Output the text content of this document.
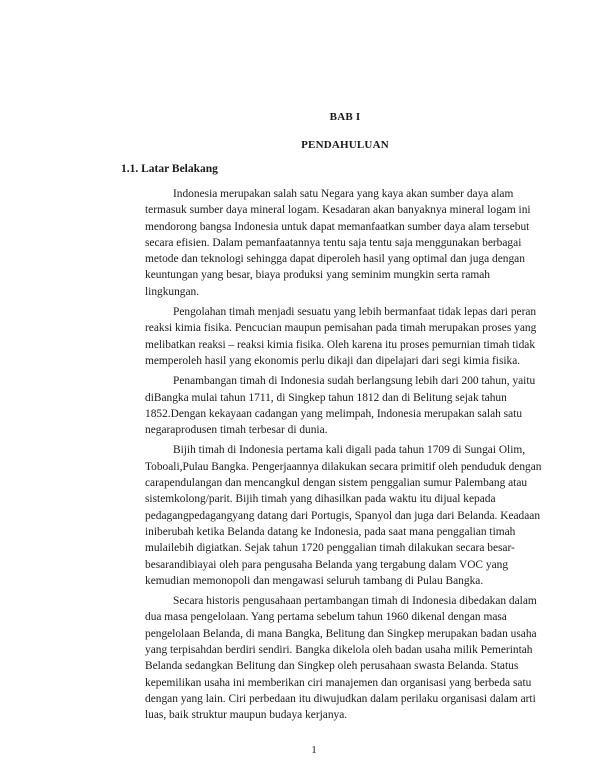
BAB I
PENDAHULUAN
1.1. Latar Belakang
Indonesia merupakan salah satu Negara yang kaya akan sumber daya alam
termasuk sumber daya mineral logam. Kesadaran akan banyaknya mineral logam ini
mendorong bangsa Indonesia untuk dapat memanfaatkan sumber daya alam tersebut
secara efisien. Dalam pemanfaatannya tentu saja tentu saja menggunakan berbagai
metode dan teknologi sehingga dapat diperoleh hasil yang optimal dan juga dengan
keuntungan yang besar, biaya produksi yang seminim mungkin serta ramah
lingkungan.
Pengolahan timah menjadi sesuatu yang lebih bermanfaat tidak lepas dari peran
reaksi kimia fisika. Pencucian maupun pemisahan pada timah merupakan proses yang
melibatkan reaksi – reaksi kimia fisika. Oleh karena itu proses pemurnian timah tidak
memperoleh hasil yang ekonomis perlu dikaji dan dipelajari dari segi kimia fisika.
Penambangan timah di Indonesia sudah berlangsung lebih dari 200 tahun, yaitu
diBangka mulai tahun 1711, di Singkep tahun 1812 dan di Belitung sejak tahun
1852.Dengan kekayaan cadangan yang melimpah, Indonesia merupakan salah satu
negaraprodusen timah terbesar di dunia.
Bijih timah di Indonesia pertama kali digali pada tahun 1709 di Sungai Olim,
Toboali,Pulau Bangka. Pengerjaannya dilakukan secara primitif oleh penduduk dengan
carapendulangan dan mencangkul dengan sistem penggalian sumur Palembang atau
sistemkolong/parit. Bijih timah yang dihasilkan pada waktu itu dijual kepada
pedagangpedagangyang datang dari Portugis, Spanyol dan juga dari Belanda. Keadaan
iniberubah ketika Belanda datang ke Indonesia, pada saat mana penggalian timah
mulailebih digiatkan. Sejak tahun 1720 penggalian timah dilakukan secara besar-
besarandibiayai oleh para pengusaha Belanda yang tergabung dalam VOC yang
kemudian memonopoli dan mengawasi seluruh tambang di Pulau Bangka.
Secara historis pengusahaan pertambangan timah di Indonesia dibedakan dalam
dua masa pengelolaan. Yang pertama sebelum tahun 1960 dikenal dengan masa
pengelolaan Belanda, di mana Bangka, Belitung dan Singkep merupakan badan usaha
yang terpisahdan berdiri sendiri. Bangka dikelola oleh badan usaha milik Pemerintah
Belanda sedangkan Belitung dan Singkep oleh perusahaan swasta Belanda. Status
kepemilikan usaha ini memberikan ciri manajemen dan organisasi yang berbeda satu
dengan yang lain. Ciri perbedaan itu diwujudkan dalam perilaku organisasi dalam arti
luas, baik struktur maupun budaya kerjanya.
1
